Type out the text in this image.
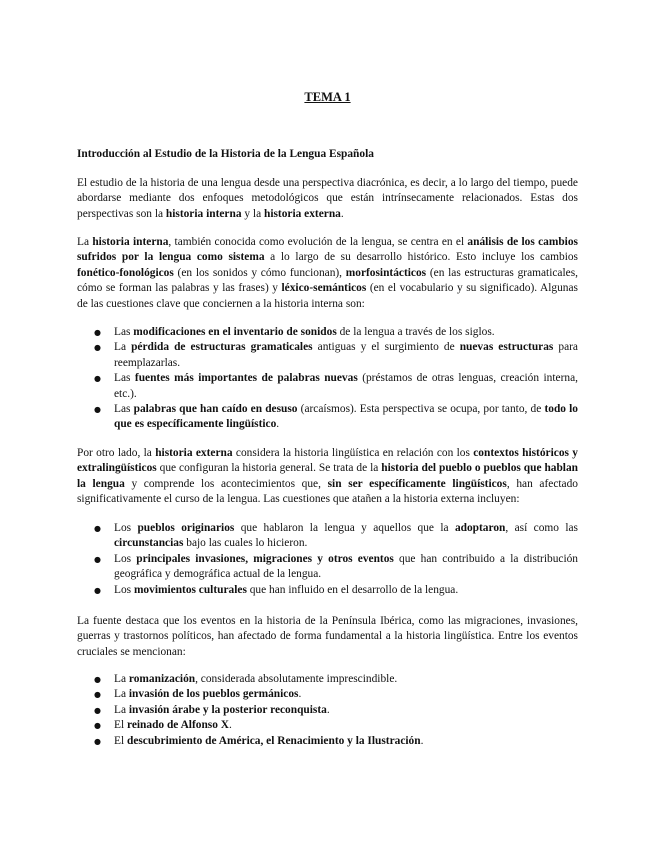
TEMA 1

Introducción al Estudio de la Historia de la Lengua Española

El estudio de la historia de una lengua desde una perspectiva diacrónica, es decir, a lo largo del tiempo, puede abordarse mediante dos enfoques metodológicos que están intrínsecamente relacionados. Estas dos perspectivas son la historia interna y la historia externa.

La historia interna, también conocida como evolución de la lengua, se centra en el análisis de los cambios sufridos por la lengua como sistema a lo largo de su desarrollo histórico. Esto incluye los cambios fonético-fonológicos (en los sonidos y cómo funcionan), morfosintácticos (en las estructuras gramaticales, cómo se forman las palabras y las frases) y léxico-semánticos (en el vocabulario y su significado). Algunas de las cuestiones clave que conciernen a la historia interna son:

● Las modificaciones en el inventario de sonidos de la lengua a través de los siglos.
● La pérdida de estructuras gramaticales antiguas y el surgimiento de nuevas estructuras para reemplazarlas.
● Las fuentes más importantes de palabras nuevas (préstamos de otras lenguas, creación interna, etc.).
● Las palabras que han caído en desuso (arcaísmos). Esta perspectiva se ocupa, por tanto, de todo lo que es específicamente lingüístico.

Por otro lado, la historia externa considera la historia lingüística en relación con los contextos históricos y extralingüísticos que configuran la historia general. Se trata de la historia del pueblo o pueblos que hablan la lengua y comprende los acontecimientos que, sin ser específicamente lingüísticos, han afectado significativamente el curso de la lengua. Las cuestiones que atañen a la historia externa incluyen:

● Los pueblos originarios que hablaron la lengua y aquellos que la adoptaron, así como las circunstancias bajo las cuales lo hicieron.
● Los principales invasiones, migraciones y otros eventos que han contribuido a la distribución geográfica y demográfica actual de la lengua.
● Los movimientos culturales que han influido en el desarrollo de la lengua.

La fuente destaca que los eventos en la historia de la Península Ibérica, como las migraciones, invasiones, guerras y trastornos políticos, han afectado de forma fundamental a la historia lingüística. Entre los eventos cruciales se mencionan:

● La romanización, considerada absolutamente imprescindible.
● La invasión de los pueblos germánicos.
● La invasión árabe y la posterior reconquista.
● El reinado de Alfonso X.
● El descubrimiento de América, el Renacimiento y la Ilustración.
